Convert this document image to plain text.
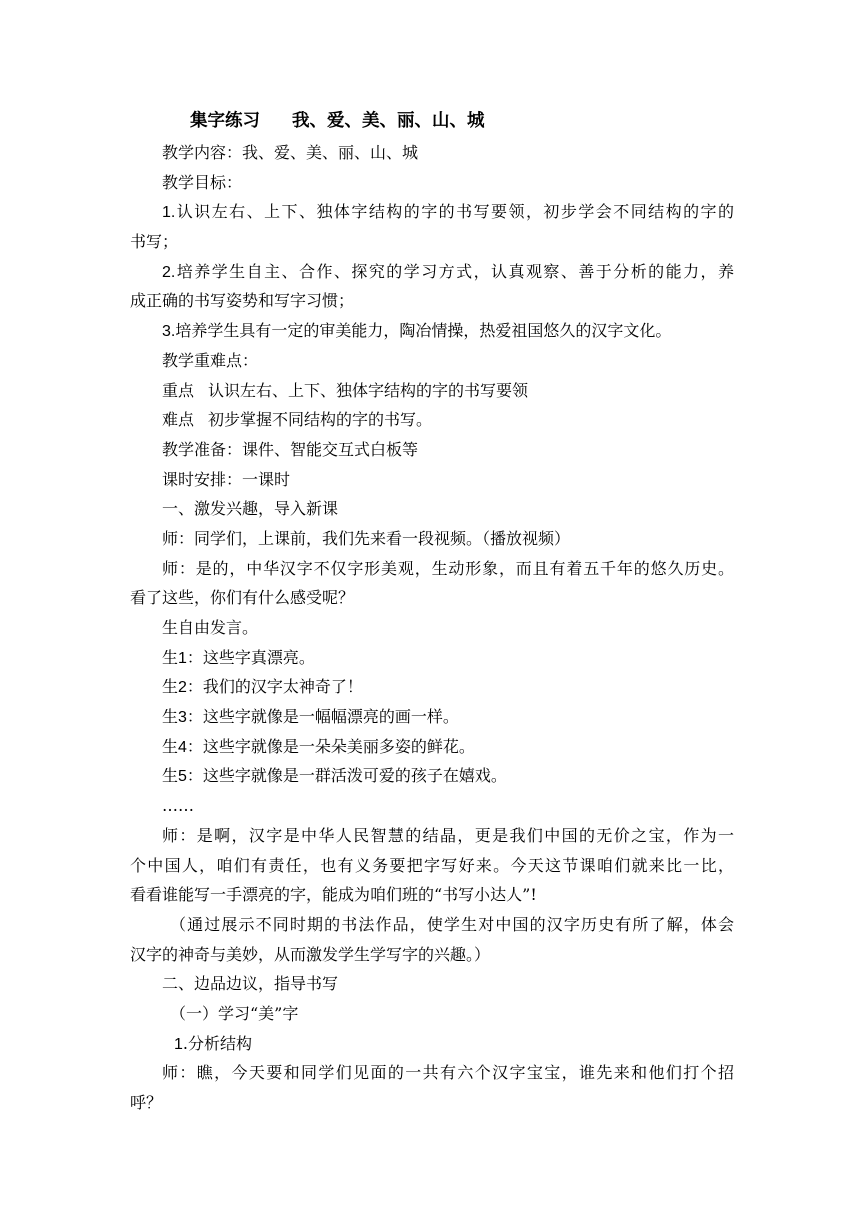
集字练习 我、爱、美、丽、山、城

教学内容：我、爱、美、丽、山、城

教学目标：

1.认识左右、上下、独体字结构的字的书写要领，初步学会不同结构的字的

书写；

2.培养学生自主、合作、探究的学习方式，认真观察、善于分析的能力，养

成正确的书写姿势和写字习惯；

3.培养学生具有一定的审美能力，陶冶情操，热爱祖国悠久的汉字文化。

教学重难点：

重点 认识左右、上下、独体字结构的字的书写要领

难点 初步掌握不同结构的字的书写。

教学准备：课件、智能交互式白板等

课时安排：一课时

一、激发兴趣，导入新课

师：同学们，上课前，我们先来看一段视频。（播放视频）

师：是的，中华汉字不仅字形美观，生动形象，而且有着五千年的悠久历史。

看了这些，你们有什么感受呢？

生自由发言。

生1：这些字真漂亮。

生2：我们的汉字太神奇了！

生3：这些字就像是一幅幅漂亮的画一样。

生4：这些字就像是一朵朵美丽多姿的鲜花。

生5：这些字就像是一群活泼可爱的孩子在嬉戏。

……

师：是啊，汉字是中华人民智慧的结晶，更是我们中国的无价之宝，作为一

个中国人，咱们有责任，也有义务要把字写好来。今天这节课咱们就来比一比，

看看谁能写一手漂亮的字，能成为咱们班的“书写小达人”!

（通过展示不同时期的书法作品，使学生对中国的汉字历史有所了解，体会

汉字的神奇与美妙，从而激发学生学写字的兴趣。）

二、边品边议，指导书写

（一）学习“美”字

1.分析结构

师：瞧，今天要和同学们见面的一共有六个汉字宝宝，谁先来和他们打个招

呼？
